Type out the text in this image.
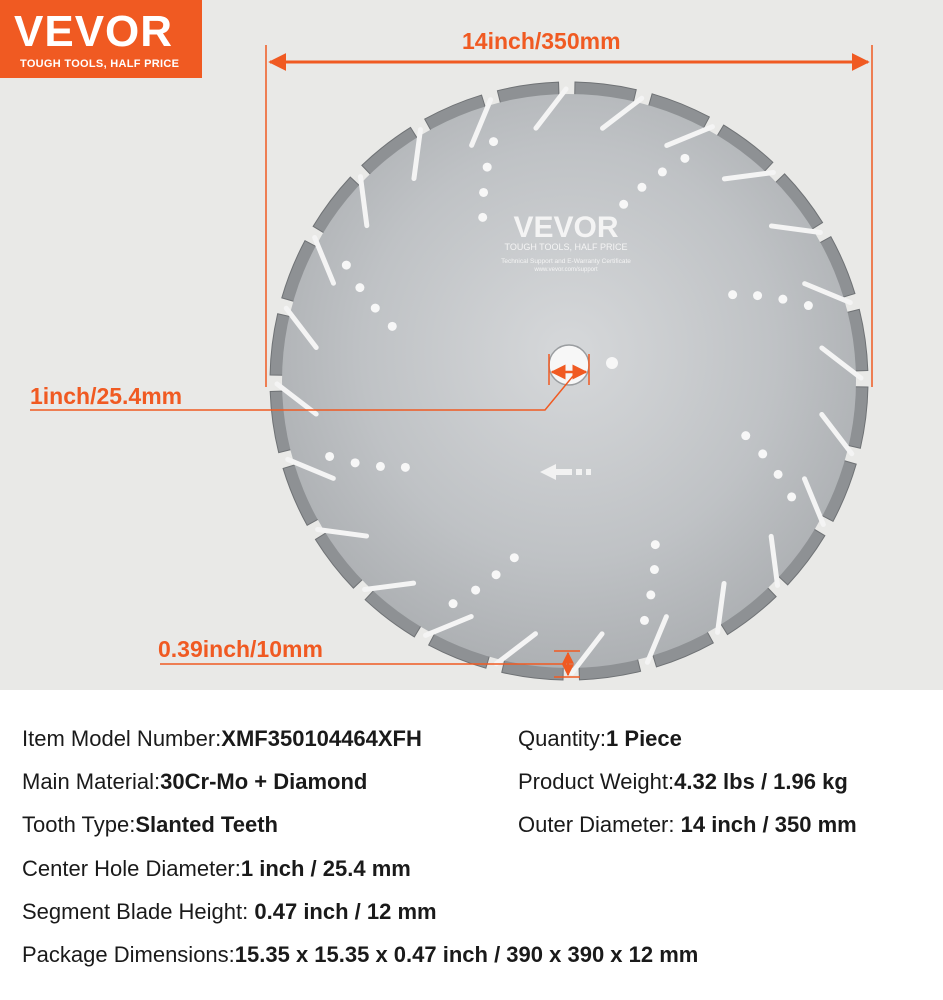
VEVOR
TOUGH TOOLS, HALF PRICE
Technical Support and E-Warranty Certificate
www.vevor.com/support
VEVOR
TOUGH TOOLS, HALF PRICE
14inch/350mm
1inch/25.4mm
0.39inch/10mm
Item Model Number:XMF350104464XFH	Quantity:1 Piece
Main Material:30Cr-Mo + Diamond	Product Weight:4.32 lbs / 1.96 kg
Tooth Type:Slanted Teeth	Outer Diameter: 14 inch / 350 mm
Center Hole Diameter:1 inch / 25.4 mm
Segment Blade Height: 0.47 inch / 12 mm
Package Dimensions:15.35 x 15.35 x 0.47 inch / 390 x 390 x 12 mm
